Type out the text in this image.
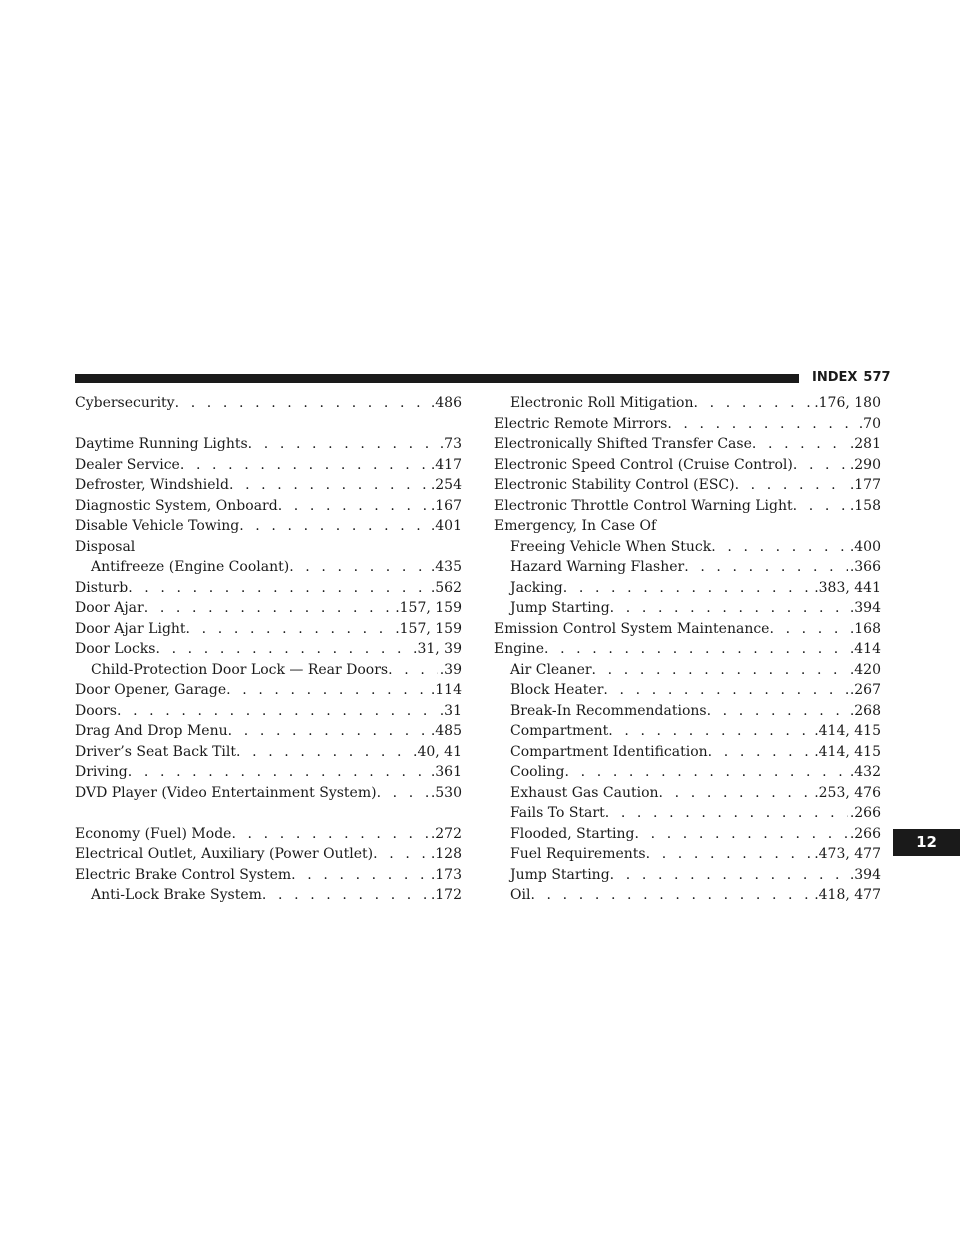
INDEX 577
Cybersecurity . . .	.486
Daytime Running Lights . . .	.73
Dealer Service . . .	.417
Defroster, Windshield . . .	.254
Diagnostic System, Onboard . . .	.167
Disable Vehicle Towing . . .	.401
Disposal
Antifreeze (Engine Coolant) . . .	.435
Disturb . . .	.562
Door Ajar . . .	.157, 159
Door Ajar Light . . .	.157, 159
Door Locks . . .	.31, 39
Child-Protection Door Lock — Rear Doors . . .	.39
Door Opener, Garage . . .	.114
Doors . . .	.31
Drag And Drop Menu . . .	.485
Driver’s Seat Back Tilt . . .	.40, 41
Driving . . .	.361
DVD Player (Video Entertainment System) . . .	.530
Economy (Fuel) Mode . . .	.272
Electrical Outlet, Auxiliary (Power Outlet) . . .	.128
Electric Brake Control System . . .	.173
Anti-Lock Brake System . . .	.172
Electronic Roll Mitigation . . .	.176, 180
Electric Remote Mirrors . . .	.70
Electronically Shifted Transfer Case . . .	.281
Electronic Speed Control (Cruise Control) . . .	.290
Electronic Stability Control (ESC) . . .	.177
Electronic Throttle Control Warning Light . . .	.158
Emergency, In Case Of
Freeing Vehicle When Stuck . . .	.400
Hazard Warning Flasher . . .	.366
Jacking . . .	.383, 441
Jump Starting . . .	.394
Emission Control System Maintenance . . .	.168
Engine . . .	.414
Air Cleaner . . .	.420
Block Heater . . .	.267
Break-In Recommendations . . .	.268
Compartment . . .	.414, 415
Compartment Identification . . .	.414, 415
Cooling . . .	.432
Exhaust Gas Caution . . .	.253, 476
Fails To Start . . .	.266
Flooded, Starting . . .	.266
Fuel Requirements . . .	.473, 477
Jump Starting . . .	.394
Oil . . .	.418, 477
12
